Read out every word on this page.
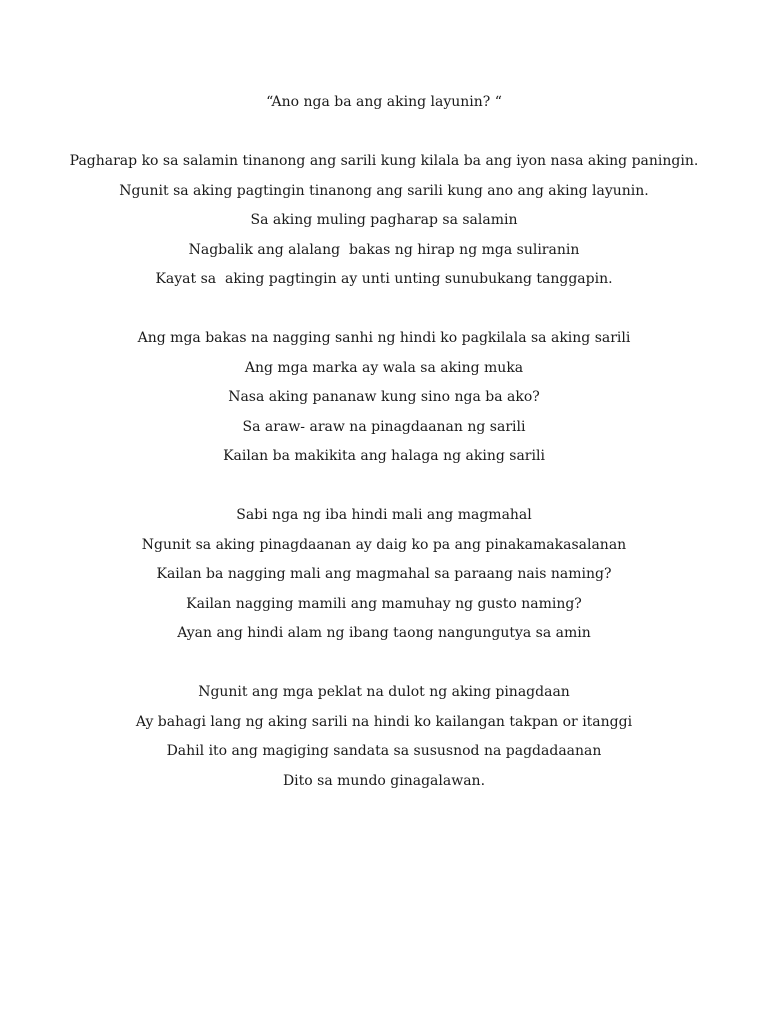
“Ano nga ba ang aking layunin? “
Pagharap ko sa salamin tinanong ang sarili kung kilala ba ang iyon nasa aking paningin.
Ngunit sa aking pagtingin tinanong ang sarili kung ano ang aking layunin.
Sa aking muling pagharap sa salamin
Nagbalik ang alalang  bakas ng hirap ng mga suliranin
Kayat sa  aking pagtingin ay unti unting sunubukang tanggapin.
Ang mga bakas na nagging sanhi ng hindi ko pagkilala sa aking sarili
Ang mga marka ay wala sa aking muka
Nasa aking pananaw kung sino nga ba ako?
Sa araw- araw na pinagdaanan ng sarili
Kailan ba makikita ang halaga ng aking sarili
Sabi nga ng iba hindi mali ang magmahal
Ngunit sa aking pinagdaanan ay daig ko pa ang pinakamakasalanan
Kailan ba nagging mali ang magmahal sa paraang nais naming?
Kailan nagging mamili ang mamuhay ng gusto naming?
Ayan ang hindi alam ng ibang taong nangungutya sa amin
Ngunit ang mga peklat na dulot ng aking pinagdaan
Ay bahagi lang ng aking sarili na hindi ko kailangan takpan or itanggi
Dahil ito ang magiging sandata sa sususnod na pagdadaanan
Dito sa mundo ginagalawan.
